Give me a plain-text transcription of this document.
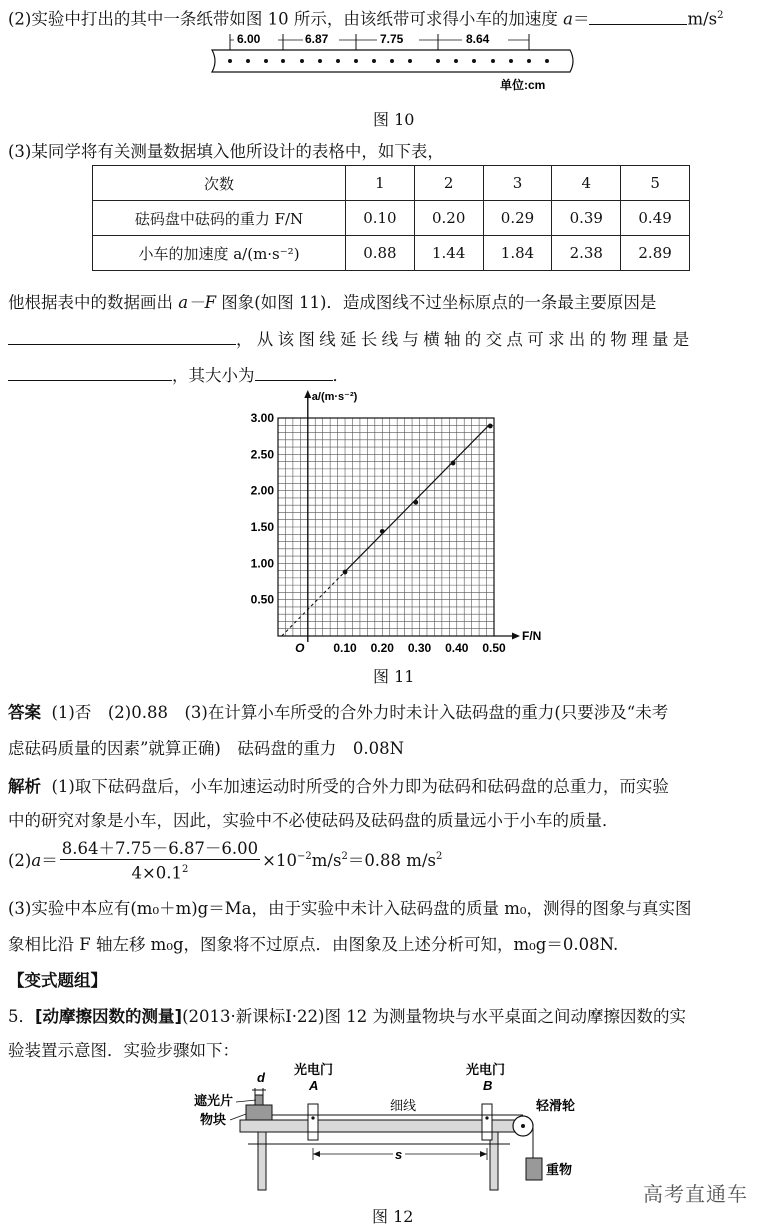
(2)实验中打出的其中一条纸带如图 10 所示，由该纸带可求得小车的加速度 a＝	$m/s^2$
6.00	6.87	7.75	8.64
单位:cm
图 10
(3)某同学将有关测量数据填入他所设计的表格中，如下表，
次数	1	2	3	4	5
砝码盘中砝码的重力 F/N	0.10	0.20	0.29	0.39	0.49
小车的加速度 a/(m·s⁻²)	0.88	1.44	1.84	2.38	2.89
他根据表中的数据画出 a－F 图象(如图 11)．造成图线不过坐标原点的一条最主要原因是
，从该图线延长线与横轴的交点可求出的物理量是
，其大小为	．
0.50
1.00
1.50
2.00
2.50
3.00
0.10 0.20 0.30 0.40 0.50
O
F/N
a/(m·s⁻²)
图 11
答案 (1)否　(2)0.88　(3)在计算小车所受的合外力时未计入砝码盘的重力(只要涉及“未考
虑砝码质量的因素”就算正确)　砝码盘的重力　0.08N
解析 (1)取下砝码盘后，小车加速运动时所受的合外力即为砝码和砝码盘的总重力，而实验
中的研究对象是小车，因此，实验中不必使砝码及砝码盘的质量远小于小车的质量．
(2) $a = \frac{8.64+7.75-6.87-6.00}{4\times 0.1^2} \times 10^{-2}$ $m/s^2 =0.88$ $m/s^2$
(3)实验中本应有(m₀＋m)g＝Ma，由于实验中未计入砝码盘的质量 m₀，测得的图象与真实图
象相比沿 F 轴左移 m₀g，图象将不过原点．由图象及上述分析可知，m₀g＝0.08N.
【变式题组】
5．[动摩擦因数的测量](2013·新课标Ⅰ·22)图 12 为测量物块与水平桌面之间动摩擦因数的实
验装置示意图．实验步骤如下：
d
遮光片
物块
光电门
A
光电门
B
细线	轻滑轮
重物
s
图 12
高考直通车
